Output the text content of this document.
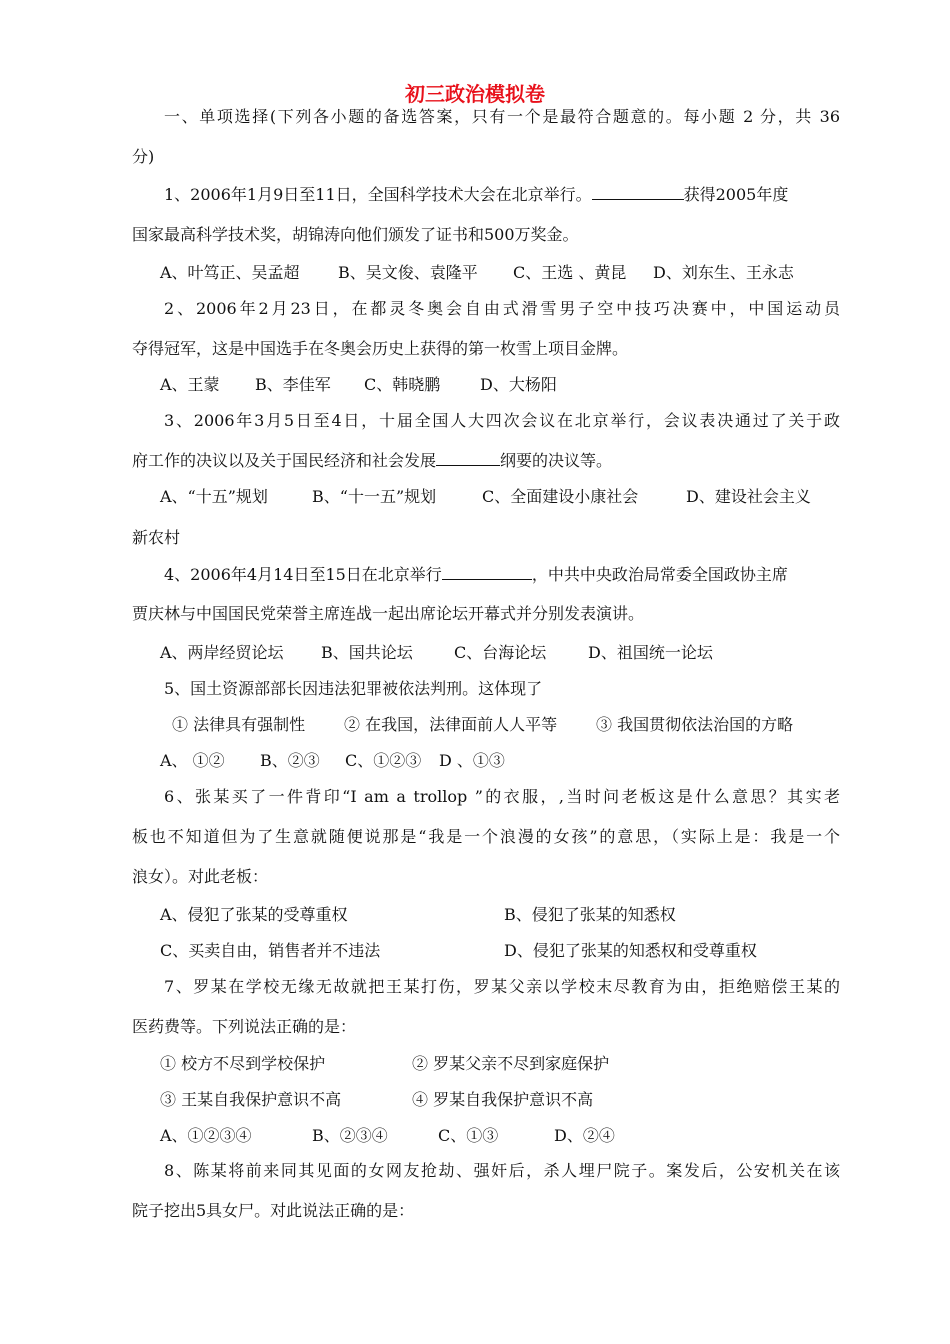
初三政治模拟卷
一、单项选择(下列各小题的备选答案，只有一个是最符合题意的。每小题 2 分，共 36
分)
1、2006年1月9日至11日，全国科学技术大会在北京举行。	获得2005年度
国家最高科学技术奖，胡锦涛向他们颁发了证书和500万奖金。
A、叶笃正、吴孟超 B、吴文俊、袁隆平 C、王选 、黄昆 D、刘东生、王永志
2、2006年2月23日，在都灵冬奥会自由式滑雪男子空中技巧决赛中，中国运动员
夺得冠军，这是中国选手在冬奥会历史上获得的第一枚雪上项目金牌。
A、王蒙 B、李佳军 C、韩晓鹏 D、大杨阳
3、2006年3月5日至4日，十届全国人大四次会议在北京举行，会议表决通过了关于政
府工作的决议以及关于国民经济和社会发展	纲要的决议等。
A、“十五”规划	B、“十一五”规划	C、全面建设小康社会	D、建设社会主义
新农村
4、2006年4月14日至15日在北京举行	，中共中央政治局常委全国政协主席
贾庆林与中国国民党荣誉主席连战一起出席论坛开幕式并分别发表演讲。
A、两岸经贸论坛 B、国共论坛	C、台海论坛	D、祖国统一论坛
5、国土资源部部长因违法犯罪被依法判刑。这体现了
① 法律具有强制性 ② 在我国，法律面前人人平等 ③ 我国贯彻依法治国的方略
A、 ①② B、②③ C、①②③ D 、①③
6、张某买了一件背印“I am a trollop ”的衣服，,当时问老板这是什么意思？其实老
板也不知道但为了生意就随便说那是“我是一个浪漫的女孩”的意思，（实际上是：我是一个
浪女）。对此老板：
A、侵犯了张某的受尊重权	B、侵犯了张某的知悉权
C、买卖自由，销售者并不违法	D、侵犯了张某的知悉权和受尊重权
7、罗某在学校无缘无故就把王某打伤，罗某父亲以学校末尽教育为由，拒绝赔偿王某的
医药费等。下列说法正确的是：
① 校方不尽到学校保护	② 罗某父亲不尽到家庭保护
③ 王某自我保护意识不高	④ 罗某自我保护意识不高
A、①②③④	B、②③④	C、①③	D、②④
8、陈某将前来同其见面的女网友抢劫、强奸后，杀人埋尸院子。案发后，公安机关在该
院子挖出5具女尸。对此说法正确的是：
